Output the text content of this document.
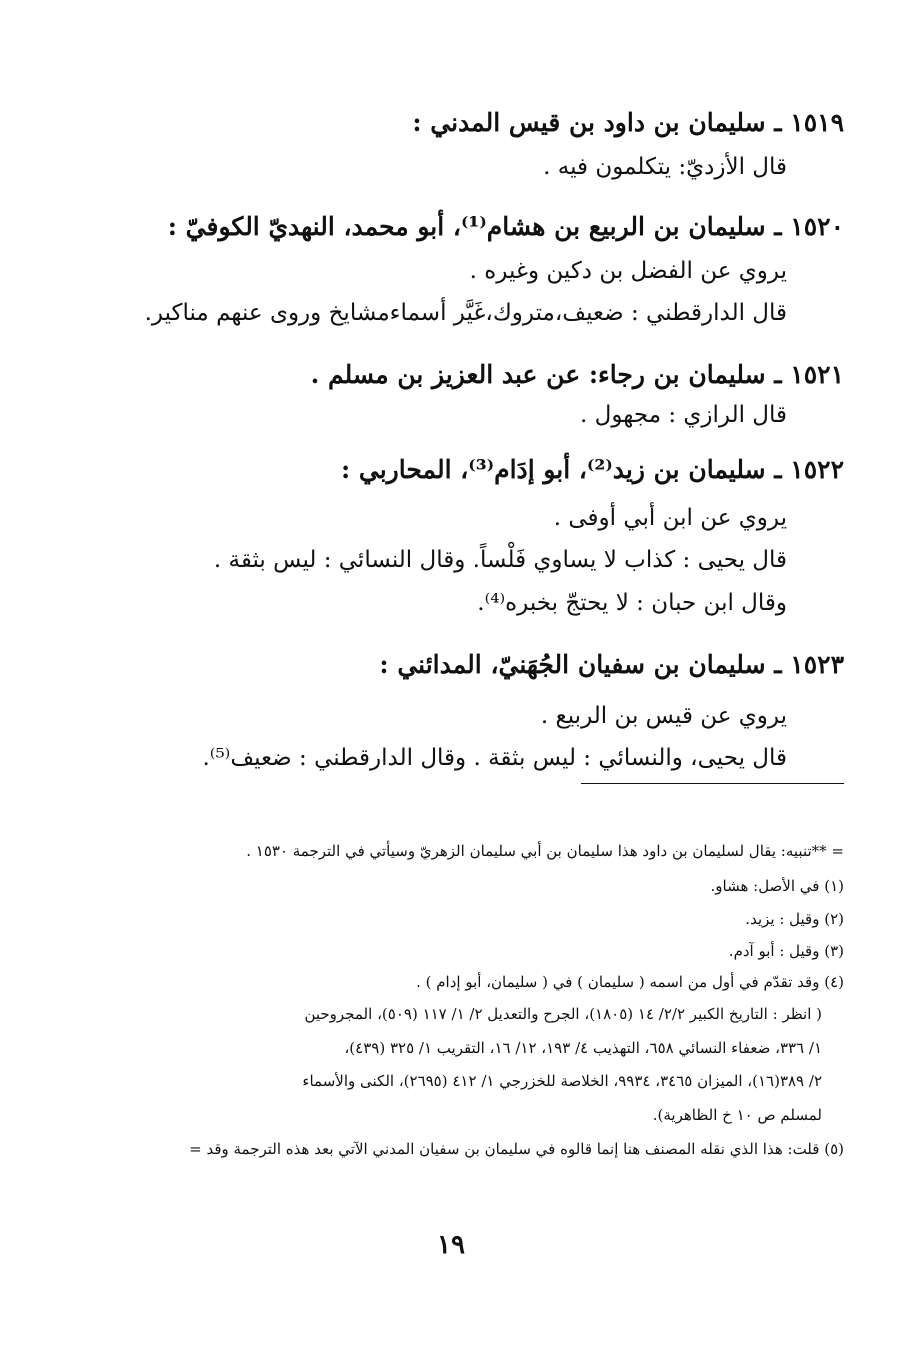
١٥١٩ ـ سليمان بن داود بن قيس المدني :
قال الأزديّ: يتكلمون فيه .
١٥٢٠ ـ سليمان بن الربيع بن هشام⁽¹⁾، أبو محمد، النهديّ الكوفيّ :
يروي عن الفضل بن دكين وغيره .
قال الدارقطني : ضعيف،متروك،غَيَّر أسماءمشايخ وروى عنهم مناكير.
١٥٢١ ـ سليمان بن رجاء: عن عبد العزيز بن مسلم .
قال الرازي : مجهول .
١٥٢٢ ـ سليمان بن زيد⁽²⁾، أبو إدَام⁽³⁾، المحاربي :
يروي عن ابن أبي أوفى .
قال يحيى : كذاب لا يساوي فَلْساً. وقال النسائي : ليس بثقة .
وقال ابن حبان : لا يحتجّ بخبره⁽⁴⁾.
١٥٢٣ ـ سليمان بن سفيان الجُهَنيّ، المدائني :
يروي عن قيس بن الربيع .
قال يحيى، والنسائي : ليس بثقة . وقال الدارقطني : ضعيف⁽⁵⁾.
= **تنبيه: يقال لسليمان بن داود هذا سليمان بن أبي سليمان الزهريّ وسيأتي في الترجمة ١٥٣٠ .
(١) في الأصل: هشاو.
(٢) وقيل : يزيد.
(٣) وقيل : أبو آدم.
(٤) وقد تقدّم في أول من اسمه ( سليمان ) في ( سليمان، أبو إدام ) .
( انظر : التاريخ الكبير ٢/٢/ ١٤ (١٨٠٥)، الجرح والتعديل ٢/ ١/ ١١٧ (٥٠٩)، المجروحين
١/ ٣٣٦، ضعفاء النسائي ٦٥٨، التهذيب ٤/ ١٩٣، ١٢/ ١٦، التقريب ١/ ٣٢٥ (٤٣٩)،
٢/ ٣٨٩(١٦)، الميزان ٣٤٦٥، ٩٩٣٤، الخلاصة للخزرجي ١/ ٤١٢ (٢٦٩٥)، الكنى والأسماء
لمسلم ص ١٠ خ الظاهرية).
(٥) قلت: هذا الذي نقله المصنف هنا إنما قالوه في سليمان بن سفيان المدني الآتي بعد هذه الترجمة وقد =
١٩
